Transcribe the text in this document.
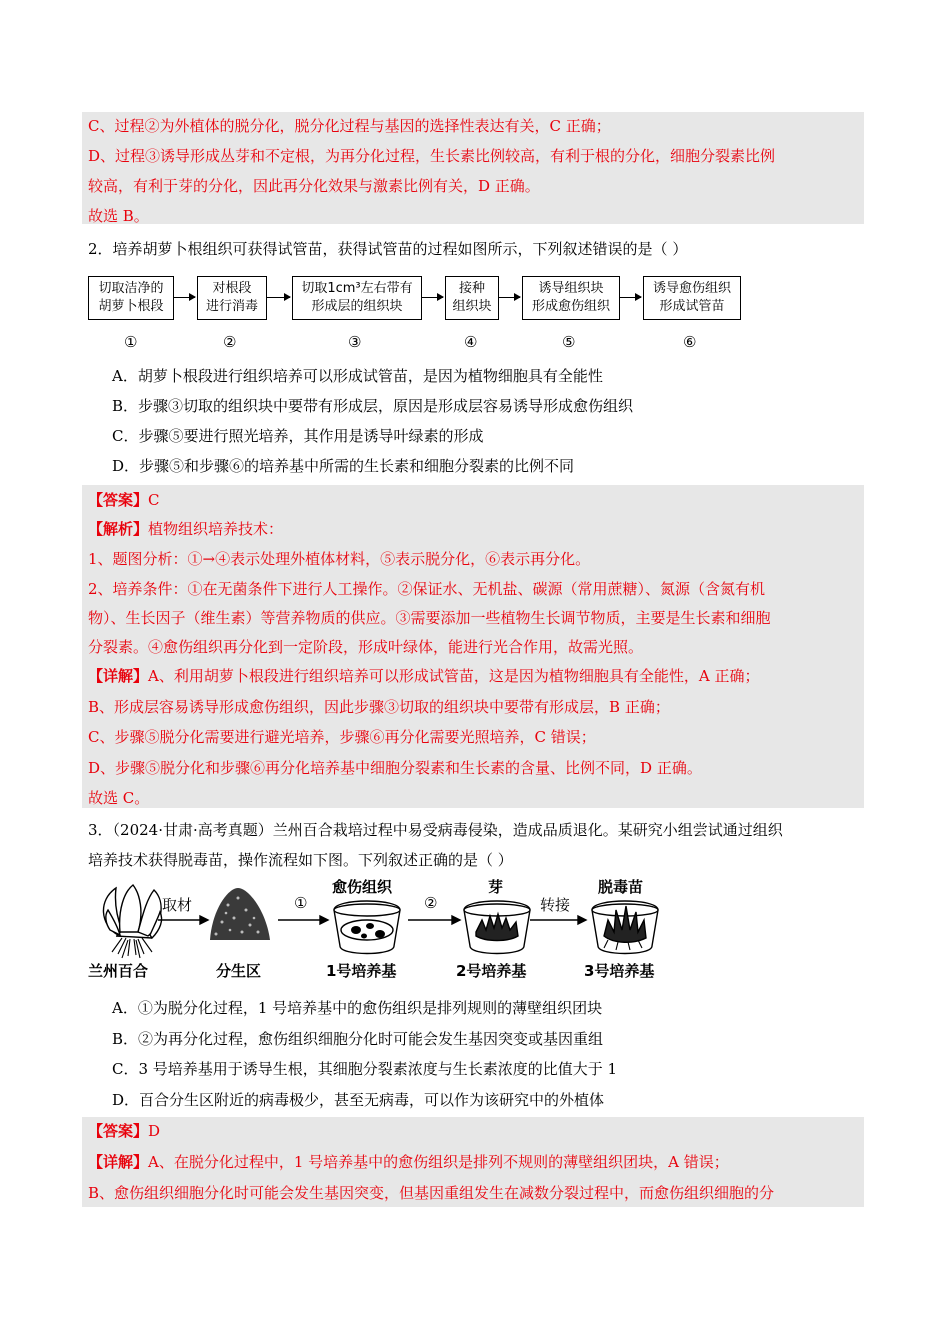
C、过程②为外植体的脱分化，脱分化过程与基因的选择性表达有关，C 正确；
D、过程③诱导形成丛芽和不定根，为再分化过程，生长素比例较高，有利于根的分化，细胞分裂素比例
较高，有利于芽的分化，因此再分化效果与激素比例有关，D 正确。
故选 B。
2．培养胡萝卜根组织可获得试管苗，获得试管苗的过程如图所示，下列叙述错误的是（ ）
切取洁净的
胡萝卜根段
对根段
进行消毒
切取1cm³左右带有
形成层的组织块
接种
组织块
诱导组织块
形成愈伤组织
诱导愈伤组织
形成试管苗
①	②	③	④	⑤	⑥
A．胡萝卜根段进行组织培养可以形成试管苗，是因为植物细胞具有全能性
B．步骤③切取的组织块中要带有形成层，原因是形成层容易诱导形成愈伤组织
C．步骤⑤要进行照光培养，其作用是诱导叶绿素的形成
D．步骤⑤和步骤⑥的培养基中所需的生长素和细胞分裂素的比例不同
【答案】C
【解析】植物组织培养技术：
1、题图分析：①→④表示处理外植体材料，⑤表示脱分化，⑥表示再分化。
2、培养条件：①在无菌条件下进行人工操作。②保证水、无机盐、碳源（常用蔗糖）、氮源（含氮有机
物）、生长因子（维生素）等营养物质的供应。③需要添加一些植物生长调节物质，主要是生长素和细胞
分裂素。④愈伤组织再分化到一定阶段，形成叶绿体，能进行光合作用，故需光照。
【详解】A、利用胡萝卜根段进行组织培养可以形成试管苗，这是因为植物细胞具有全能性，A 正确；
B、形成层容易诱导形成愈伤组织，因此步骤③切取的组织块中要带有形成层，B 正确；
C、步骤⑤脱分化需要进行避光培养，步骤⑥再分化需要光照培养，C 错误；
D、步骤⑤脱分化和步骤⑥再分化培养基中细胞分裂素和生长素的含量、比例不同，D 正确。
故选 C。
3．（2024·甘肃·高考真题）兰州百合栽培过程中易受病毒侵染，造成品质退化。某研究小组尝试通过组织
培养技术获得脱毒苗，操作流程如下图。下列叙述正确的是（ ）
取材	①	②	转接
愈伤组织	芽	脱毒苗
兰州百合	分生区	1号培养基	2号培养基	3号培养基
A．①为脱分化过程，1 号培养基中的愈伤组织是排列规则的薄壁组织团块
B．②为再分化过程，愈伤组织细胞分化时可能会发生基因突变或基因重组
C．3 号培养基用于诱导生根，其细胞分裂素浓度与生长素浓度的比值大于 1
D．百合分生区附近的病毒极少，甚至无病毒，可以作为该研究中的外植体
【答案】D
【详解】A、在脱分化过程中，1 号培养基中的愈伤组织是排列不规则的薄壁组织团块，A 错误；
B、愈伤组织细胞分化时可能会发生基因突变，但基因重组发生在减数分裂过程中，而愈伤组织细胞的分
